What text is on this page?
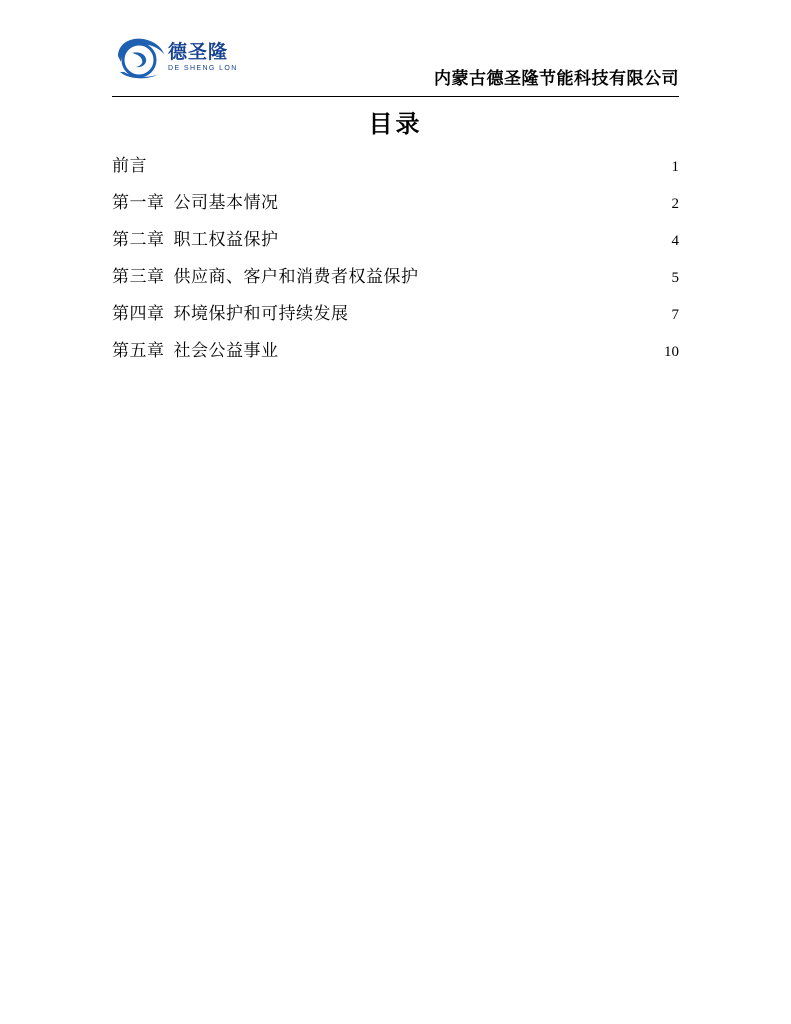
德圣隆
DE SHENG LONG
内蒙古德圣隆节能科技有限公司
目录
前言 .....	1
第一章 公司基本情况 .....	2
第二章 职工权益保护 .....	4
第三章 供应商、客户和消费者权益保护 .....	5
第四章 环境保护和可持续发展 .....	7
第五章 社会公益事业 .....	10
